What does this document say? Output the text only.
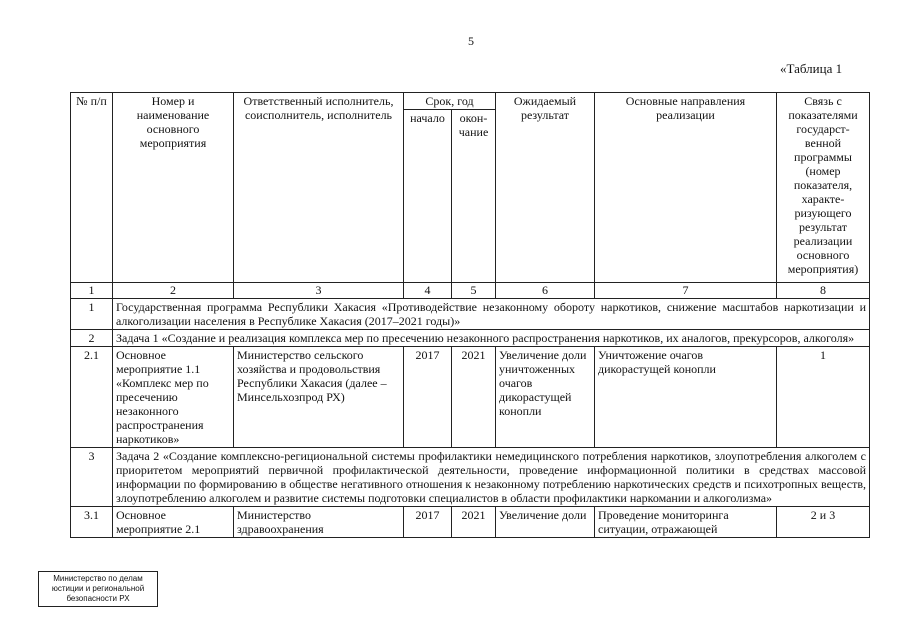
5
«Таблица 1
№ п/п	Номер и наименование основного мероприятия	Ответственный исполнитель, соисполнитель, исполнитель	Срок, год		Ожидаемый результат	Основные направления реализации	Связь с показателями государст-венной программы (номер показателя, характе-ризующего результат реализации основного мероприятия)
			начало	окон-чание			
1	2	3	4	5	6	7	8
1	Государственная программа Республики Хакасия «Противодействие незаконному обороту наркотиков, снижение масштабов наркотизации и алкоголизации населения в Республике Хакасия (2017–2021 годы)»						
2	Задача 1 «Создание и реализация комплекса мер по пресечению незаконного распространения наркотиков, их аналогов, прекурсоров, алкоголя»						
2.1	Основное мероприятие 1.1 «Комплекс мер по пресечению незаконного распространения наркотиков»	Министерство сельского хозяйства и продовольствия Республики Хакасия (далее – Минсельхозпрод РХ)	2017	2021	Увеличение доли уничтоженных очагов дикорастущей конопли	Уничтожение очагов дикорастущей конопли	1
3	Задача 2 «Создание комплексно-регициональной системы профилактики немедицинского потребления наркотиков, злоупотребления алкоголем с приоритетом мероприятий первичной профилактической деятельности, проведение информационной политики в средствах массовой информации по формированию в обществе негативного отношения к незаконному потреблению наркотических средств и психотропных веществ, злоупотреблению алкоголем и развитие системы подготовки специалистов в области профилактики наркомании и алкоголизма»						
3.1	Основное мероприятие 2.1	Министерство здравоохранения	2017	2021	Увеличение доли	Проведение мониторинга ситуации, отражающей	2 и 3
Министерство по делам
юстиции и региональной
безопасности РХ
